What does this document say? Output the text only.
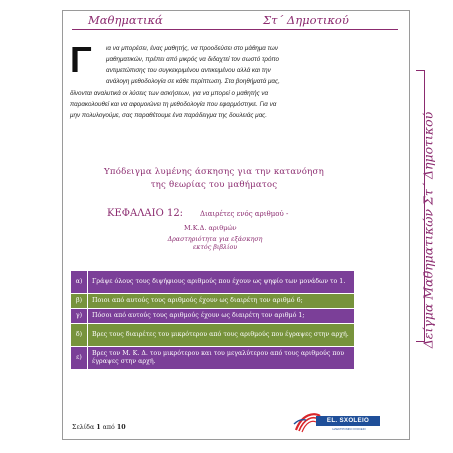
Μαθηματικά	Στ΄ Δημοτικού
Γ ια να μπορέσει, ένας μαθητής, να προοδεύσει στο μάθημα των
μαθηματικών, πρέπει από μικρός να διδαχτεί τον σωστό τρόπο
αντιμετώπισης του συγκεκριμένου αντικειμένου αλλά και την
ανάλογη μεθοδολογία σε κάθε περίπτωση. Στα βοηθήματά μας,
δίνονται αναλυτικά οι λύσεις των ασκήσεων, για να μπορεί ο μαθητής να
παρακολουθεί και να αφομοιώνει τη μεθοδολογία που εφαρμόστηκε. Για να
μην πολυλογούμε, σας παραθέτουμε ένα παράδειγμα της δουλειάς μας.
Υπόδειγμα λυμένης άσκησης για την κατανόηση
της θεωρίας του μαθήματος
ΚΕΦΑΛΑΙΟ 12: Διαιρέτες ενός αριθμού -
Μ.Κ.Δ. αριθμών
Δραστηριότητα για εξάσκηση
εκτός βιβλίου
α)	Γράψε όλους τους διψήφιους αριθμούς που έχουν ως ψηφίο των μονάδων το 1.
β)	Ποιοι από αυτούς τους αριθμούς έχουν ως διαιρέτη τον αριθμό 6;
γ)	Πόσοι από αυτούς τους αριθμούς έχουν ως διαιρέτη τον αριθμό 1;
δ)	Βρες τους διαιρέτες του μικρότερου από τους αριθμούς που έγραψες στην αρχή.
ε)	Βρες τον Μ. Κ. Δ. του μικρότερου και του μεγαλύτερου από τους αριθμούς που έγραψες στην αρχή.
Δείγμα Μαθηματικών Στ΄ Δημοτικού
Σελίδα 1 από 10
EL. SXOLEIO
ΗΛΕΚΤΡΟΝΙΚΟ ΣΧΟΛΕΙΟ
